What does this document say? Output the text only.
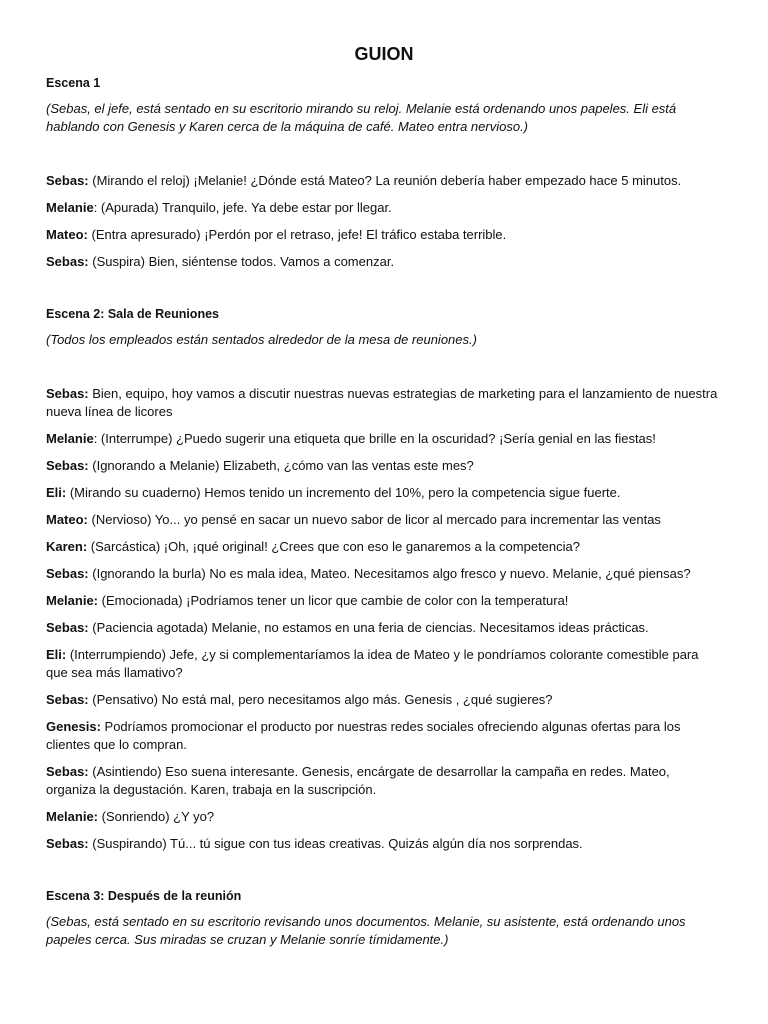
GUION
Escena 1
(Sebas, el jefe, está sentado en su escritorio mirando su reloj. Melanie está ordenando unos papeles. Eli está hablando con Genesis y Karen cerca de la máquina de café. Mateo entra nervioso.)
Sebas: (Mirando el reloj) ¡Melanie! ¿Dónde está Mateo? La reunión debería haber empezado hace 5 minutos.
Melanie: (Apurada) Tranquilo, jefe. Ya debe estar por llegar.
Mateo: (Entra apresurado) ¡Perdón por el retraso, jefe! El tráfico estaba terrible.
Sebas: (Suspira) Bien, siéntense todos. Vamos a comenzar.
Escena 2: Sala de Reuniones
(Todos los empleados están sentados alrededor de la mesa de reuniones.)
Sebas: Bien, equipo, hoy vamos a discutir nuestras nuevas estrategias de marketing para el lanzamiento de nuestra nueva línea de licores
Melanie: (Interrumpe) ¿Puedo sugerir una etiqueta que brille en la oscuridad? ¡Sería genial en las fiestas!
Sebas: (Ignorando a Melanie) Elizabeth, ¿cómo van las ventas este mes?
Eli: (Mirando su cuaderno) Hemos tenido un incremento del 10%, pero la competencia sigue fuerte.
Mateo: (Nervioso) Yo... yo pensé en sacar un nuevo sabor de licor al mercado para incrementar las ventas
Karen: (Sarcástica) ¡Oh, ¡qué original! ¿Crees que con eso le ganaremos a la competencia?
Sebas: (Ignorando la burla) No es mala idea, Mateo. Necesitamos algo fresco y nuevo. Melanie, ¿qué piensas?
Melanie: (Emocionada) ¡Podríamos tener un licor que cambie de color con la temperatura!
Sebas: (Paciencia agotada) Melanie, no estamos en una feria de ciencias. Necesitamos ideas prácticas.
Eli: (Interrumpiendo) Jefe, ¿y si complementaríamos la idea de Mateo y le pondríamos colorante comestible para que sea más llamativo?
Sebas: (Pensativo) No está mal, pero necesitamos algo más. Genesis , ¿qué sugieres?
Genesis: Podríamos promocionar el producto por nuestras redes sociales ofreciendo algunas ofertas para los clientes que lo compran.
Sebas: (Asintiendo) Eso suena interesante. Genesis, encárgate de desarrollar la campaña en redes. Mateo, organiza la degustación. Karen, trabaja en la suscripción.
Melanie: (Sonriendo) ¿Y yo?
Sebas: (Suspirando) Tú... tú sigue con tus ideas creativas. Quizás algún día nos sorprendas.
Escena 3: Después de la reunión
(Sebas, está sentado en su escritorio revisando unos documentos. Melanie, su asistente, está ordenando unos papeles cerca. Sus miradas se cruzan y Melanie sonríe tímidamente.)
